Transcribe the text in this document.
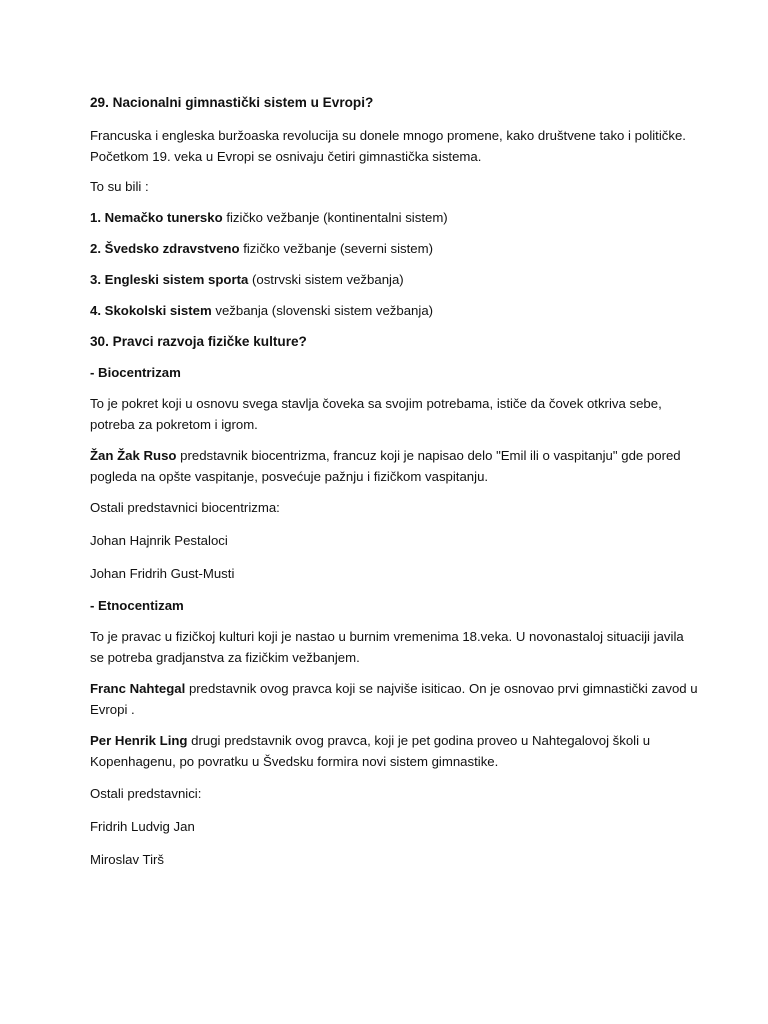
29. Nacionalni gimnastički sistem u Evropi?

Francuska i engleska buržoaska revolucija su donele mnogo promene, kako društvene tako i političke. Početkom 19. veka u Evropi se osnivaju četiri gimnastička sistema.

To su bili :

1. Nemačko tunersko fizičko vežbanje (kontinentalni sistem)

2. Švedsko zdravstveno fizičko vežbanje (severni sistem)

3. Engleski sistem sporta (ostrvski sistem vežbanja)

4. Skokolski sistem vežbanja (slovenski sistem vežbanja)

30. Pravci razvoja fizičke kulture?

- Biocentrizam

To je pokret koji u osnovu svega stavlja čoveka sa svojim potrebama, ističe da čovek otkriva sebe, potreba za pokretom i igrom.

Žan Žak Ruso predstavnik biocentrizma, francuz koji je napisao delo "Emil ili o vaspitanju" gde pored pogleda na opšte vaspitanje, posvećuje pažnju i fizičkom vaspitanju.

Ostali predstavnici biocentrizma:

Johan Hajnrik Pestaloci

Johan Fridrih Gust-Musti

- Etnocentizam

To je pravac u fizičkoj kulturi koji je nastao u burnim vremenima 18.veka. U novonastaloj situaciji javila se potreba gradjanstva za fizičkim vežbanjem.

Franc Nahtegal predstavnik ovog pravca koji se najviše isiticao. On je osnovao prvi gimnastički zavod u Evropi .

Per Henrik Ling drugi predstavnik ovog pravca, koji je pet godina proveo u Nahtegalovoj školi u Kopenhagenu, po povratku u Švedsku formira novi sistem gimnastike.

Ostali predstavnici:

Fridrih Ludvig Jan

Miroslav Tirš
